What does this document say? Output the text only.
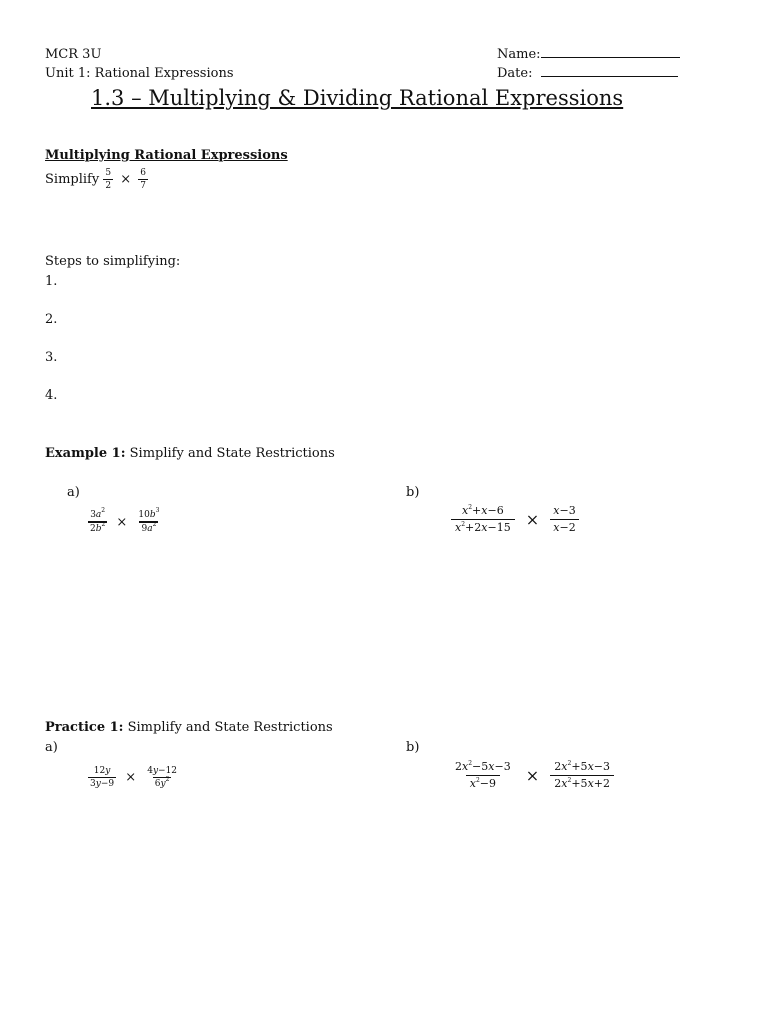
MCR 3U
Unit 1: Rational Expressions
Name:
Date:
1.3 – Multiplying & Dividing Rational Expressions
Multiplying Rational Expressions
Simplify $\frac{5}{2} \times \frac{6}{7}$
Steps to simplifying:
1.
2.
3.
4.
Example 1: Simplify and State Restrictions
a)	b)
$\frac{3a^2}{2b^2} \times \frac{10b^3}{9a^2}$	$\frac{x^2+x-6}{x^2+2x-15} \times \frac{x-3}{x-2}$
Practice 1: Simplify and State Restrictions
a)	b)
$\frac{12y}{3y-9} \times \frac{4y-12}{6y^2}$	$\frac{2x^2-5x-3}{x^2-9} \times \frac{2x^2+5x-3}{2x^2+5x+2}$
